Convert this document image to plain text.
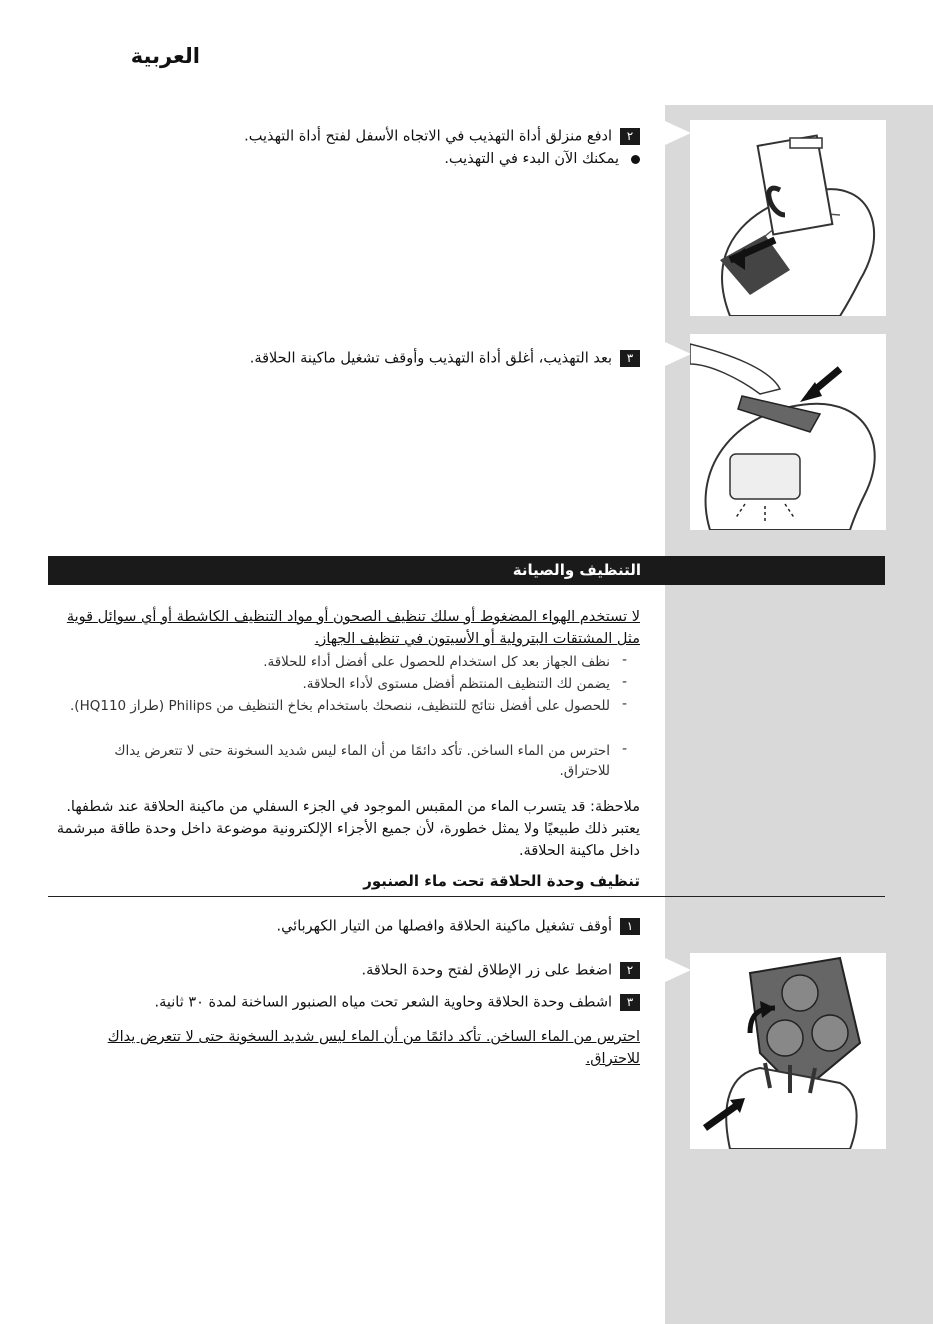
العربية
٢ادفع منزلق أداة التهذيب في الاتجاه الأسفل لفتح أداة التهذيب.
يمكنك الآن البدء في التهذيب.
٣بعد التهذيب، أغلق أداة التهذيب وأوقف تشغيل ماكينة الحلاقة.
التنظيف والصيانة
لا تستخدم الهواء المضغوط أو سلك تنظيف الصحون أو مواد التنظيف الكاشطة أو أي سوائل قوية مثل المشتقات البترولية أو الأسيتون في تنظيف الجهاز.
-
نظف الجهاز بعد كل استخدام للحصول على أفضل أداء للحلاقة.
-
يضمن لك التنظيف المنتظم أفضل مستوى لأداء الحلاقة.
-
للحصول على أفضل نتائج للتنظيف، ننصحك باستخدام بخاخ التنظيف من Philips (طراز HQ110).
-
احترس من الماء الساخن. تأكد دائمًا من أن الماء ليس شديد السخونة حتى لا تتعرض يداك للاحتراق.
ملاحظة: قد يتسرب الماء من المقبس الموجود في الجزء السفلي من ماكينة الحلاقة عند شطفها. يعتبر ذلك طبيعيًا ولا يمثل خطورة، لأن جميع الأجزاء الإلكترونية موضوعة داخل وحدة طاقة مبرشمة داخل ماكينة الحلاقة.
تنظيف وحدة الحلاقة تحت ماء الصنبور
١أوقف تشغيل ماكينة الحلاقة وافصلها من التيار الكهربائي.
٢اضغط على زر الإطلاق لفتح وحدة الحلاقة.
٣اشطف وحدة الحلاقة وحاوية الشعر تحت مياه الصنبور الساخنة لمدة ٣٠ ثانية.
احترس من الماء الساخن. تأكد دائمًا من أن الماء ليس شديد السخونة حتى لا تتعرض يداك للاحتراق.
